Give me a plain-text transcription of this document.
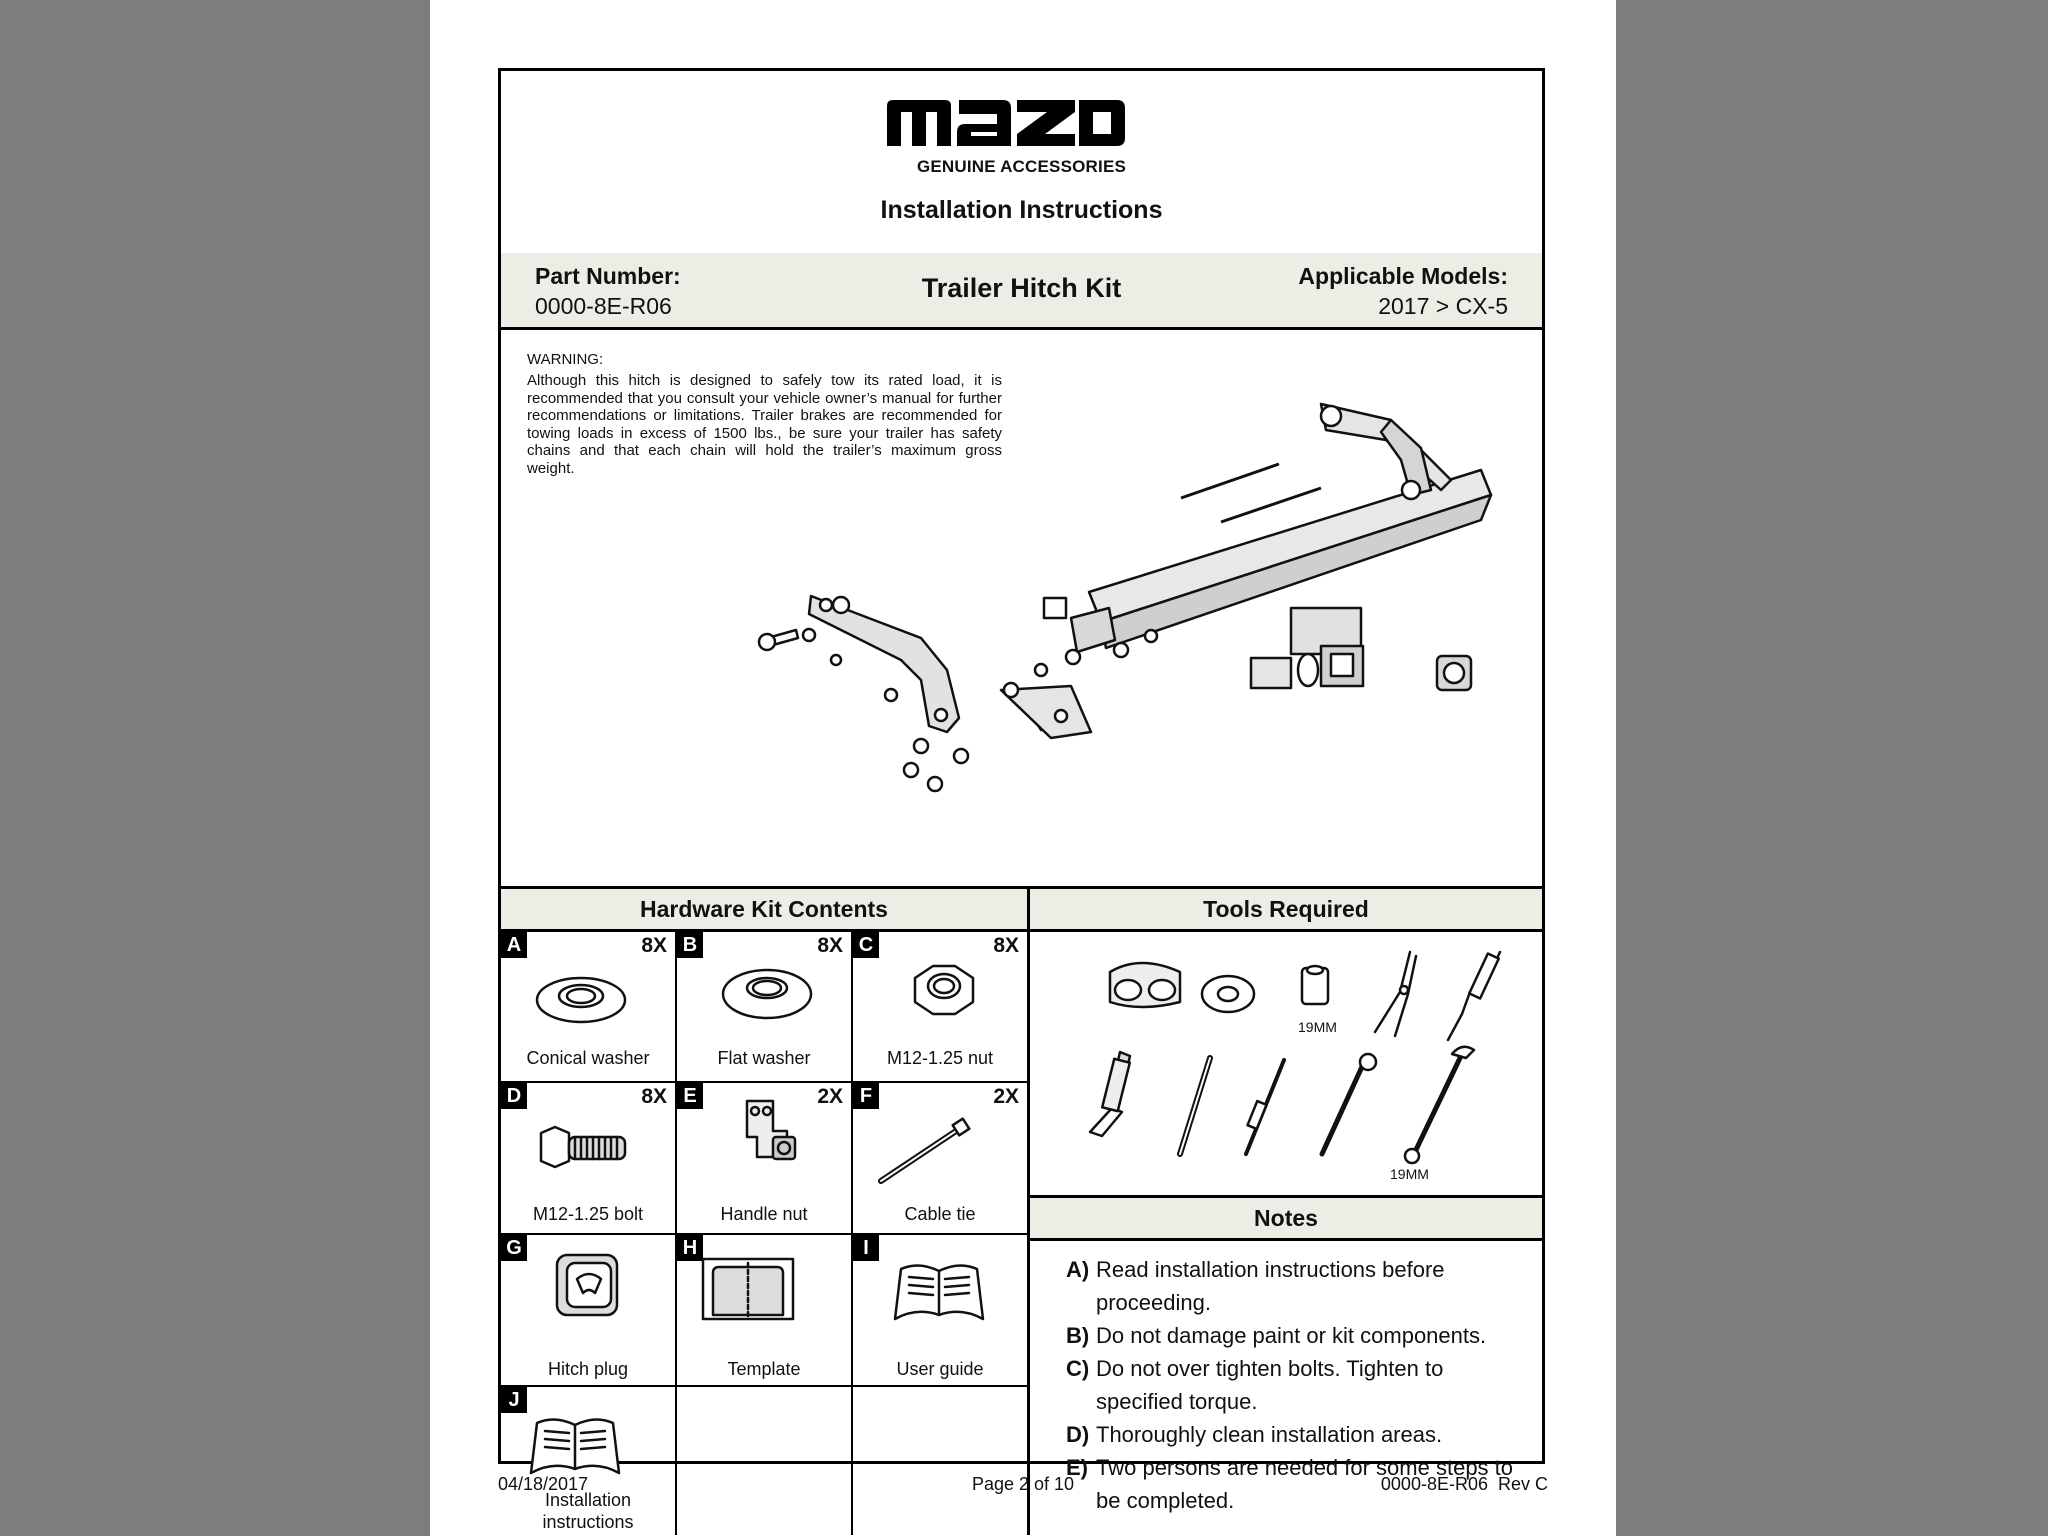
GENUINE ACCESSORIES
Installation Instructions
Part Number:
0000-8E-R06
Trailer Hitch Kit	Applicable Models:
2017 > CX-5
WARNING:
Although this hitch is designed to safely tow its rated load, it is recommended that you consult your vehicle owner’s manual for further recommendations or limitations. Trailer brakes are recommended for towing loads in excess of 1500 lbs., be sure your trailer has safety chains and that each chain will hold the trailer’s maximum gross weight.
Hardware Kit Contents
A	8X
Conical washer
B	8X
Flat washer
C	8X
M12-1.25 nut
D	8X
M12-1.25 bolt
E	2X
Handle nut
F	2X
Cable tie
G
Hitch plug
H
Template
I
User guide
J
Installation
instructions
Tools Required
19MM
19MM
Notes
A) Read installation instructions before proceeding.
B) Do not damage paint or kit components.
C) Do not over tighten bolts. Tighten to specified torque.
D) Thoroughly clean installation areas.
E) Two persons are needed for some steps to be completed.
04/18/2017	Page 2 of 10	0000-8E-R06  Rev C
